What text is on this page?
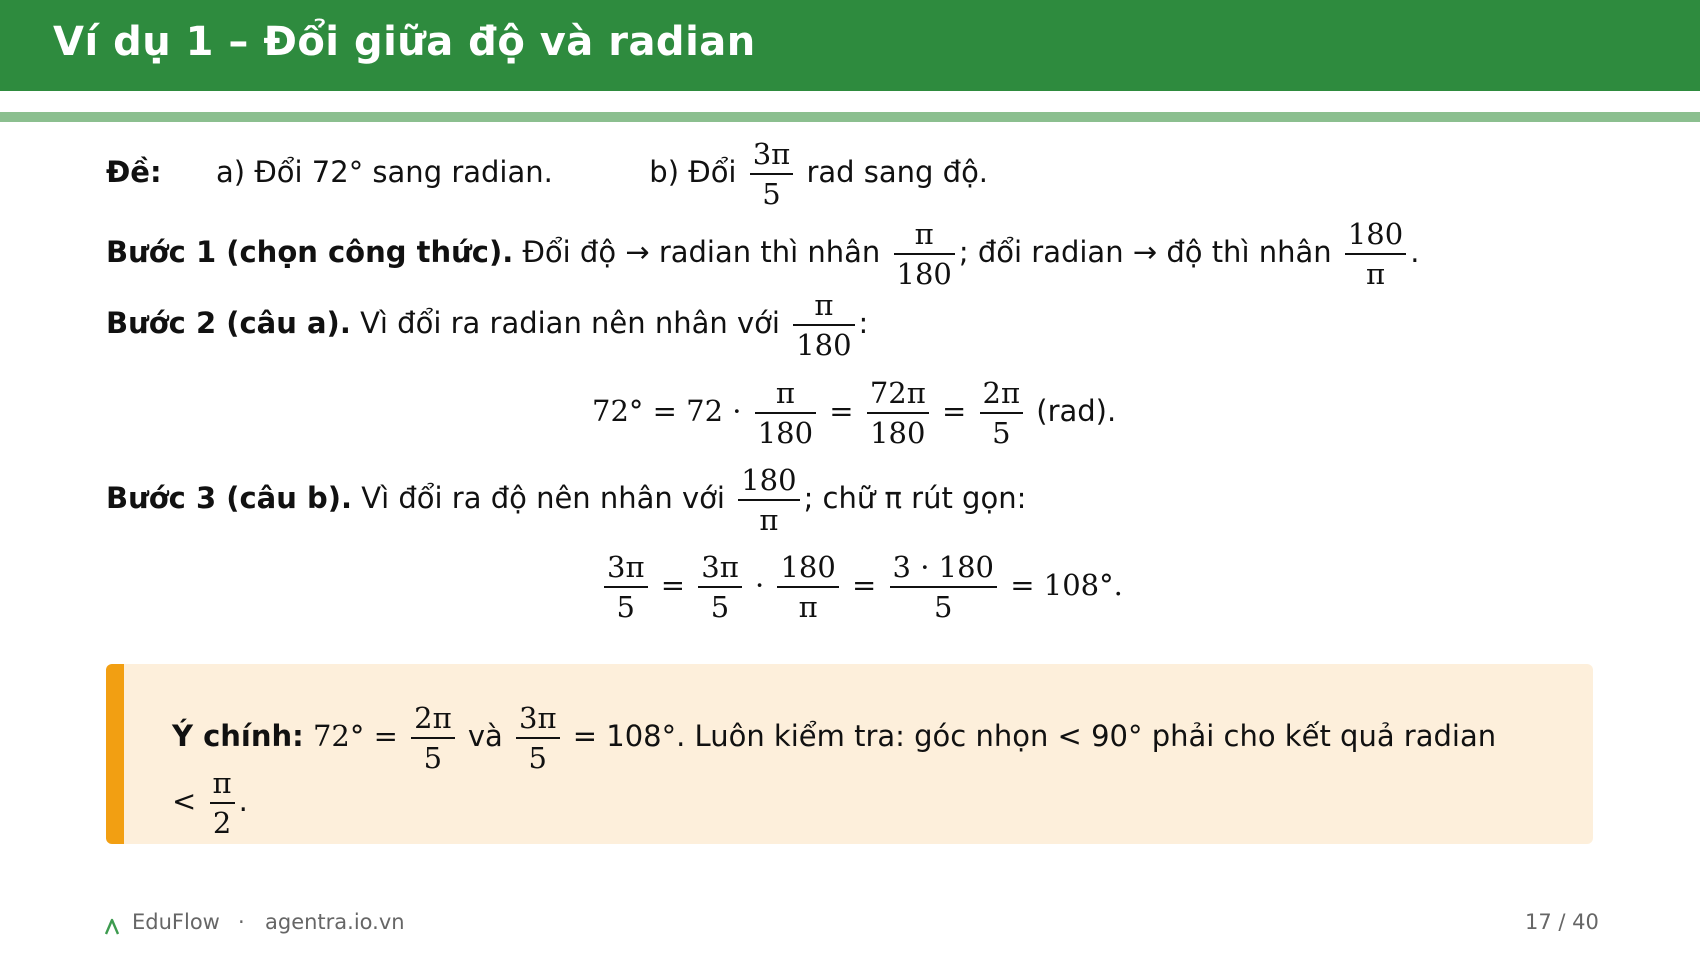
Ví dụ 1 – Đổi giữa độ và radian
Đề: a) Đổi 72° sang radian.	b) Đổi $\frac{3\pi}{5}$ rad sang độ.
Bước 1 (chọn công thức). Đổi độ → radian thì nhân $\frac{\pi}{180}$ ; đổi radian → độ thì nhân $\frac{180}{\pi}$ .
Bước 2 (câu a). Vì đổi ra radian nên nhân với $\frac{\pi}{180}$ :
$72^\circ = 72 \cdot \frac{\pi}{180} = \frac{72\pi}{180} = \frac{2\pi}{5} (rad)$.
Bước 3 (câu b). Vì đổi ra độ nên nhân với $\frac{180}{\pi}$ ; chữ π rút gọn:
$\frac{3\pi}{5} = \frac{3\pi}{5} \cdot \frac{180}{\pi} = \frac{3 \cdot 180}{5} = 108^\circ$.
Ý chính: $72^\circ = \frac{2\pi}{5}$ và $\frac{3\pi}{5} = 108^\circ$. Luôn kiểm tra: góc nhọn < 90° phải cho kết quả radian
< $\frac{\pi}{2}$ .
EduFlow · agentra.io.vn	17 / 40
